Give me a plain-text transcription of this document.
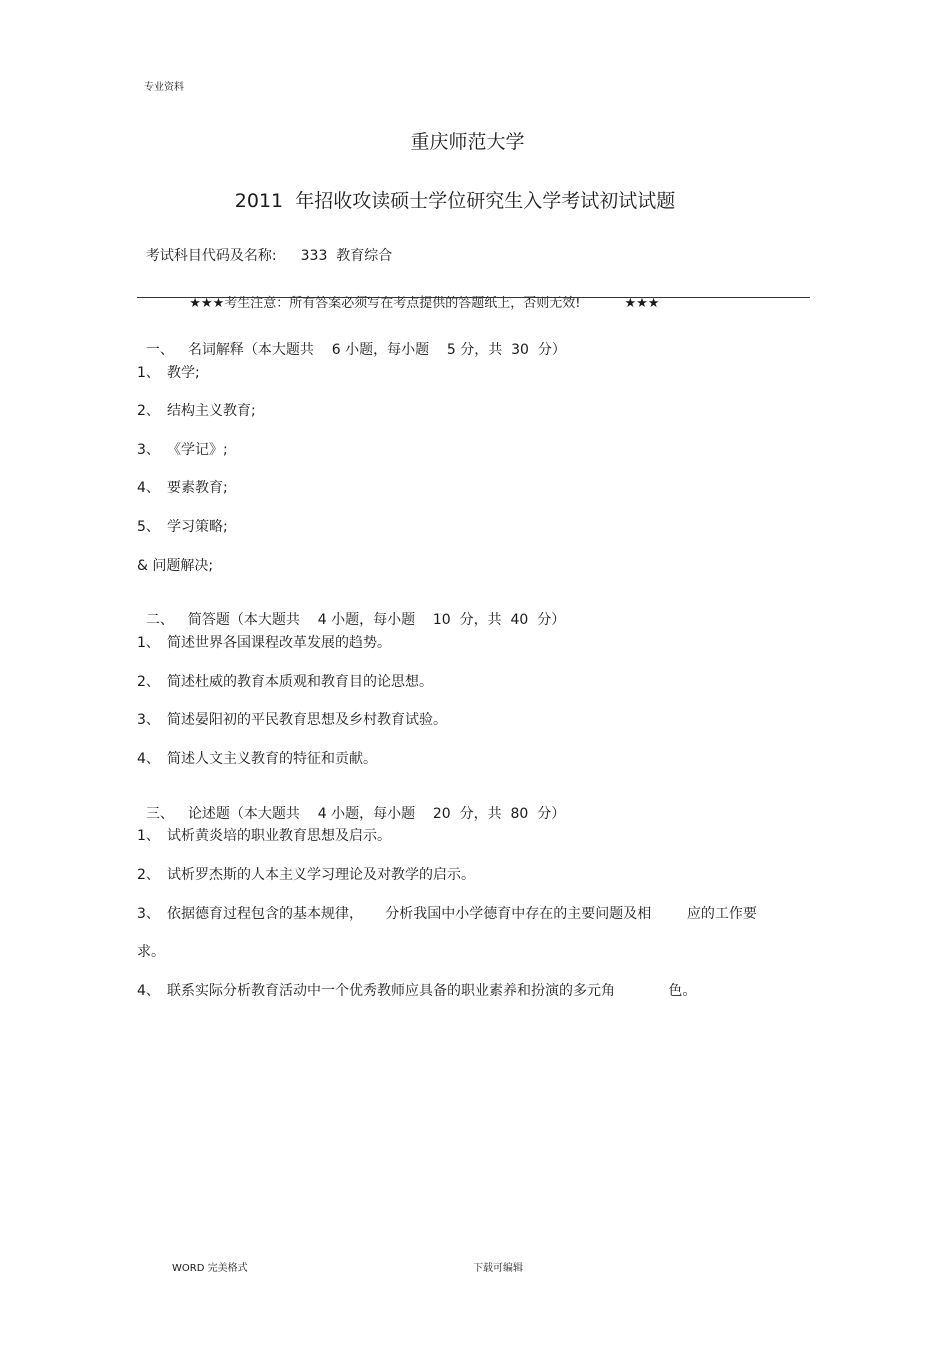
专业资料
重庆师范大学
2011  年招收攻读硕士学位研究生入学考试初试试题

考试科目代码及名称: 333  教育综合

★★★考生注意：所有答案必须写在考点提供的答题纸上，否则无效!	★★★

一、 名词解释（本大题共    6 小题，每小题    5 分，共  30  分）

1、 教学;
2、 结构主义教育;
3、 《学记》;
4、 要素教育;
5、 学习策略;
& 问题解决;

二、 简答题（本大题共    4 小题，每小题    10  分，共  40  分）

1、 简述世界各国课程改革发展的趋势。
2、 简述杜威的教育本质观和教育目的论思想。
3、 简述晏阳初的平民教育思想及乡村教育试验。
4、 简述人文主义教育的特征和贡献。

三、 论述题（本大题共    4 小题，每小题    20  分，共  80  分）

1、 试析黄炎培的职业教育思想及启示。
2、 试析罗杰斯的人本主义学习理论及对教学的启示。
3、 依据德育过程包含的基本规律，     分析我国中小学德育中存在的主要问题及相        应的工作要
求。
4、 联系实际分析教育活动中一个优秀教师应具备的职业素养和扮演的多元角            色。
WORD 完美格式	下载可编辑
